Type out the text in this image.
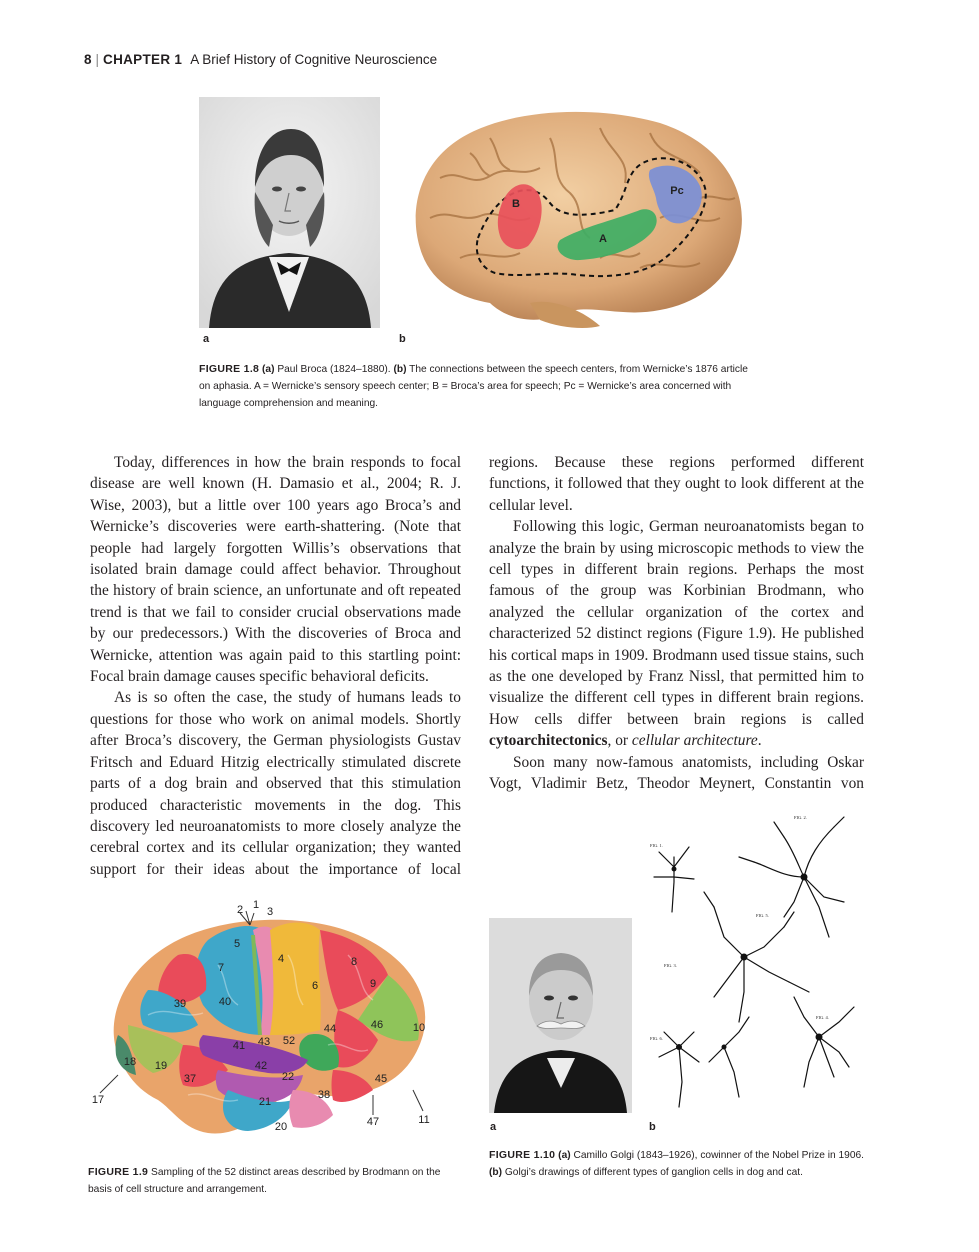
8 | CHAPTER 1 A Brief History of Cognitive Neuroscience
a
B
A
Pc
b
FIGURE 1.8 (a) Paul Broca (1824–1880). (b) The connections between the speech centers, from Wernicke’s 1876 article on aphasia. A = Wernicke’s sensory speech center; B = Broca’s area for speech; Pc = Wernicke’s area concerned with language comprehension and meaning.

Today, differences in how the brain responds to focal disease are well known (H. Damasio et al., 2004; R. J. Wise, 2003), but a little over 100 years ago Broca’s and Wernicke’s discoveries were earth-shattering. (Note that people had largely forgotten Willis’s observations that isolated brain damage could affect behavior. Throughout the history of brain science, an unfortunate and oft repeated trend is that we fail to consider crucial observations made by our predecessors.) With the discoveries of Broca and Wernicke, attention was again paid to this startling point: Focal brain damage causes specific behavioral deficits.

As is so often the case, the study of humans leads to questions for those who work on animal models. Shortly after Broca’s discovery, the German physiologists Gustav Fritsch and Eduard Hitzig electrically stimulated discrete parts of a dog brain and observed that this stimulation produced characteristic movements in the dog. This discovery led neuroanatomists to more closely analyze the cerebral cortex and its cellular organization; they wanted support for their ideas about the importance of local

regions. Because these regions performed different functions, it followed that they ought to look different at the cellular level.

Following this logic, German neuroanatomists began to analyze the brain by using microscopic methods to view the cell types in different brain regions. Perhaps the most famous of the group was Korbinian Brodmann, who analyzed the cellular organization of the cortex and characterized 52 distinct regions (Figure 1.9). He published his cortical maps in 1909. Brodmann used tissue stains, such as the one developed by Franz Nissl, that permitted him to visualize the different cell types in different brain regions. How cells differ between brain regions is called cytoarchitectonics, or cellular architecture.

Soon many now-famous anatomists, including Oskar Vogt, Vladimir Betz, Theodor Meynert, Constantin von

2 1
3
5
7
4	8
6	9
39	40
44	46	10
41 43 52
18 19	42
37	22	45
17	21
38
11
47
20
FIGURE 1.9 Sampling of the 52 distinct areas described by Brodmann on the basis of cell structure and arrangement.
a
FIG. 1.
FIG. 2.
FIG. 3.
FIG. 4.
FIG. 5.
FIG. 6.
b
FIGURE 1.10 (a) Camillo Golgi (1843–1926), cowinner of the Nobel Prize in 1906. (b) Golgi’s drawings of different types of ganglion cells in dog and cat.
